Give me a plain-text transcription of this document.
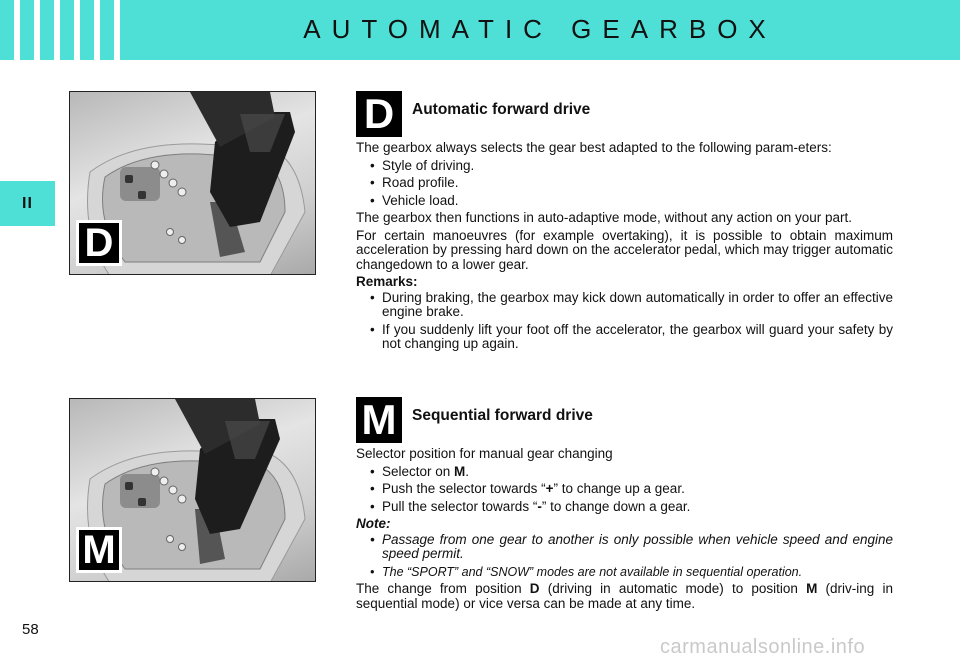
AUTOMATIC GEARBOX
II
D
M
D	Automatic forward drive

The gearbox always selects the gear best adapted to the following param-eters:

• Style of driving.
• Road profile.
• Vehicle load.

The gearbox then functions in auto-adaptive mode, without any action on your part.

For certain manoeuvres (for example overtaking), it is possible to obtain maximum acceleration by pressing hard down on the accelerator pedal, which may trigger automatic changedown to a lower gear.

Remarks:
• During braking, the gearbox may kick down automatically in order to offer an effective engine brake.
• If you suddenly lift your foot off the accelerator, the gearbox will guard your safety by not changing up again.
M	Sequential forward drive

Selector position for manual gear changing

• Selector on M.
• Push the selector towards “+” to change up a gear.
• Pull the selector towards “-” to change down a gear.
Note:
• Passage from one gear to another is only possible when vehicle speed and engine speed permit.
• The “SPORT” and “SNOW” modes are not available in sequential operation.

The change from position D (driving in automatic mode) to position M (driv-ing in sequential mode) or vice versa can be made at any time.

58
carmanualsonline.info
